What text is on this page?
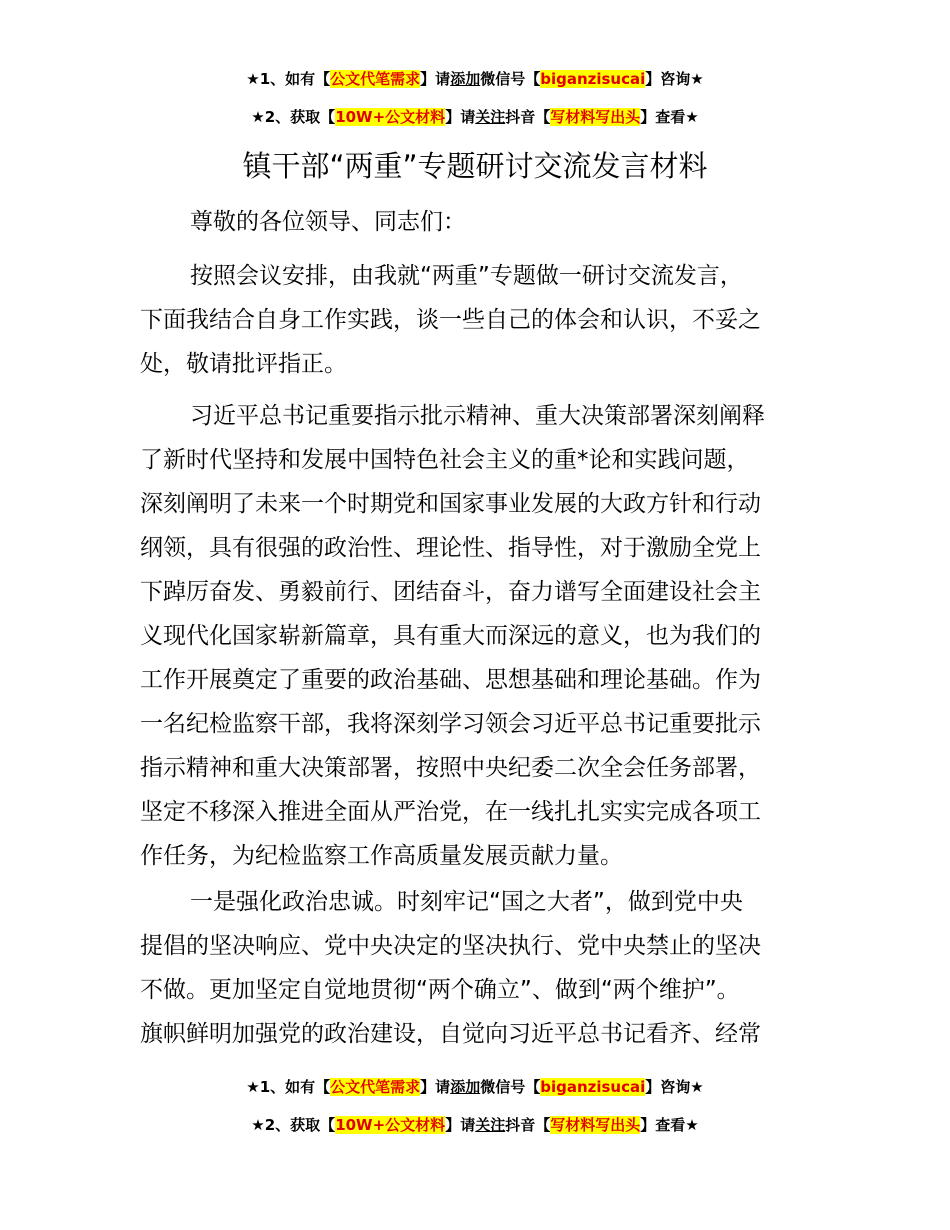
★1、如有【公文代笔需求】请添加微信号【biganzisucai】咨询★
★2、获取【10W+公文材料】请关注抖音【写材料写出头】查看★
镇干部“两重”专题研讨交流发言材料

尊敬的各位领导、同志们：

按照会议安排，由我就“两重”专题做一研讨交流发言，
下面我结合自身工作实践，谈一些自己的体会和认识，不妥之
处，敬请批评指正。

习近平总书记重要指示批示精神、重大决策部署深刻阐释
了新时代坚持和发展中国特色社会主义的重*论和实践问题，
深刻阐明了未来一个时期党和国家事业发展的大政方针和行动
纲领，具有很强的政治性、理论性、指导性，对于激励全党上
下踔厉奋发、勇毅前行、团结奋斗，奋力谱写全面建设社会主
义现代化国家崭新篇章，具有重大而深远的意义，也为我们的
工作开展奠定了重要的政治基础、思想基础和理论基础。作为
一名纪检监察干部，我将深刻学习领会习近平总书记重要批示
指示精神和重大决策部署，按照中央纪委二次全会任务部署，
坚定不移深入推进全面从严治党，在一线扎扎实实完成各项工
作任务，为纪检监察工作高质量发展贡献力量。

一是强化政治忠诚。时刻牢记“国之大者”，做到党中央
提倡的坚决响应、党中央决定的坚决执行、党中央禁止的坚决
不做。更加坚定自觉地贯彻“两个确立”、做到“两个维护”。
旗帜鲜明加强党的政治建设，自觉向习近平总书记看齐、经常

★1、如有【公文代笔需求】请添加微信号【biganzisucai】咨询★
★2、获取【10W+公文材料】请关注抖音【写材料写出头】查看★
